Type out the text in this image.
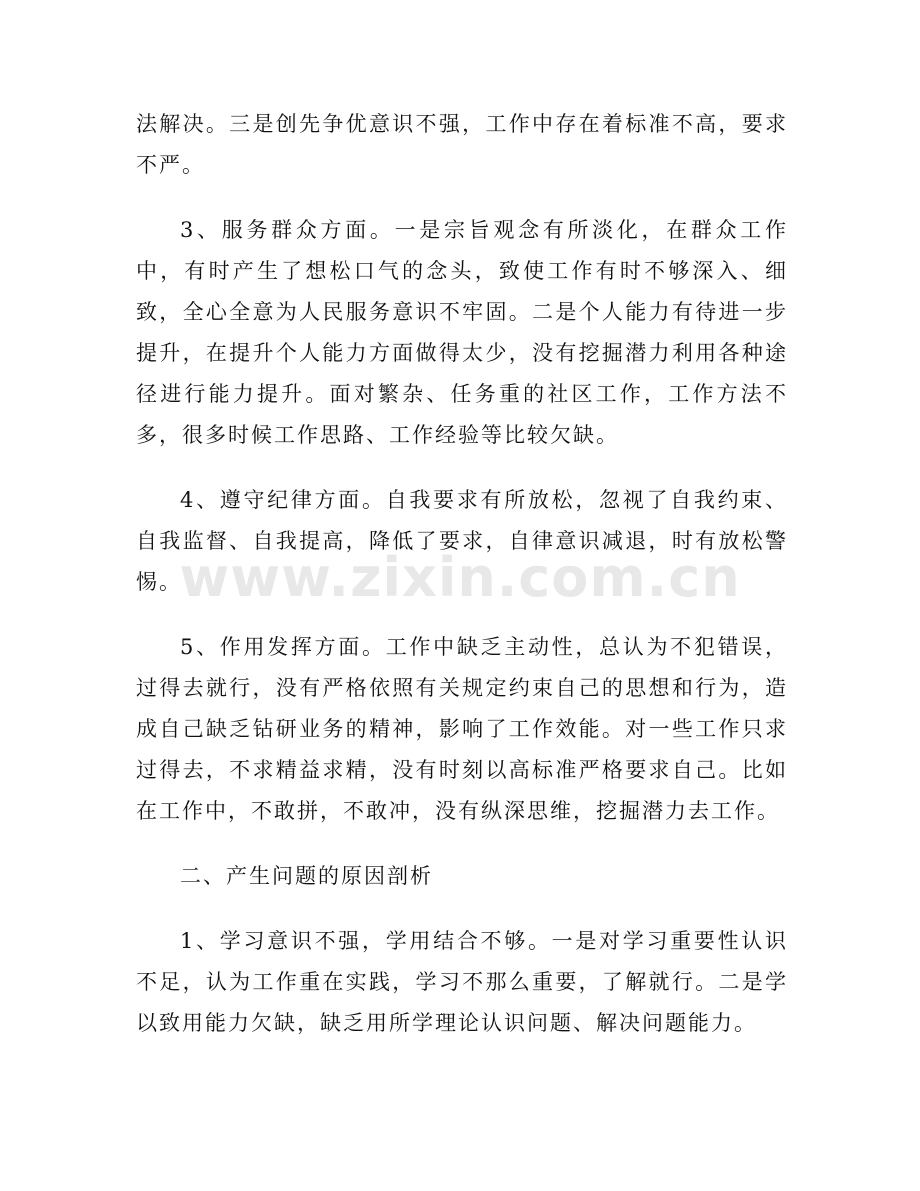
法解决。三是创先争优意识不强，工作中存在着标准不高，要求不严。

3、服务群众方面。一是宗旨观念有所淡化，在群众工作中，有时产生了想松口气的念头，致使工作有时不够深入、细致，全心全意为人民服务意识不牢固。二是个人能力有待进一步提升，在提升个人能力方面做得太少，没有挖掘潜力利用各种途径进行能力提升。面对繁杂、任务重的社区工作，工作方法不多，很多时候工作思路、工作经验等比较欠缺。

4、遵守纪律方面。自我要求有所放松，忽视了自我约束、自我监督、自我提高，降低了要求，自律意识减退，时有放松警惕。

5、作用发挥方面。工作中缺乏主动性，总认为不犯错误，过得去就行，没有严格依照有关规定约束自己的思想和行为，造成自己缺乏钻研业务的精神，影响了工作效能。对一些工作只求过得去，不求精益求精，没有时刻以高标准严格要求自己。比如在工作中，不敢拼，不敢冲，没有纵深思维，挖掘潜力去工作。

二、产生问题的原因剖析

1、学习意识不强，学用结合不够。一是对学习重要性认识不足，认为工作重在实践，学习不那么重要，了解就行。二是学以致用能力欠缺，缺乏用所学理论认识问题、解决问题能力。

www.zixin.com.cn
